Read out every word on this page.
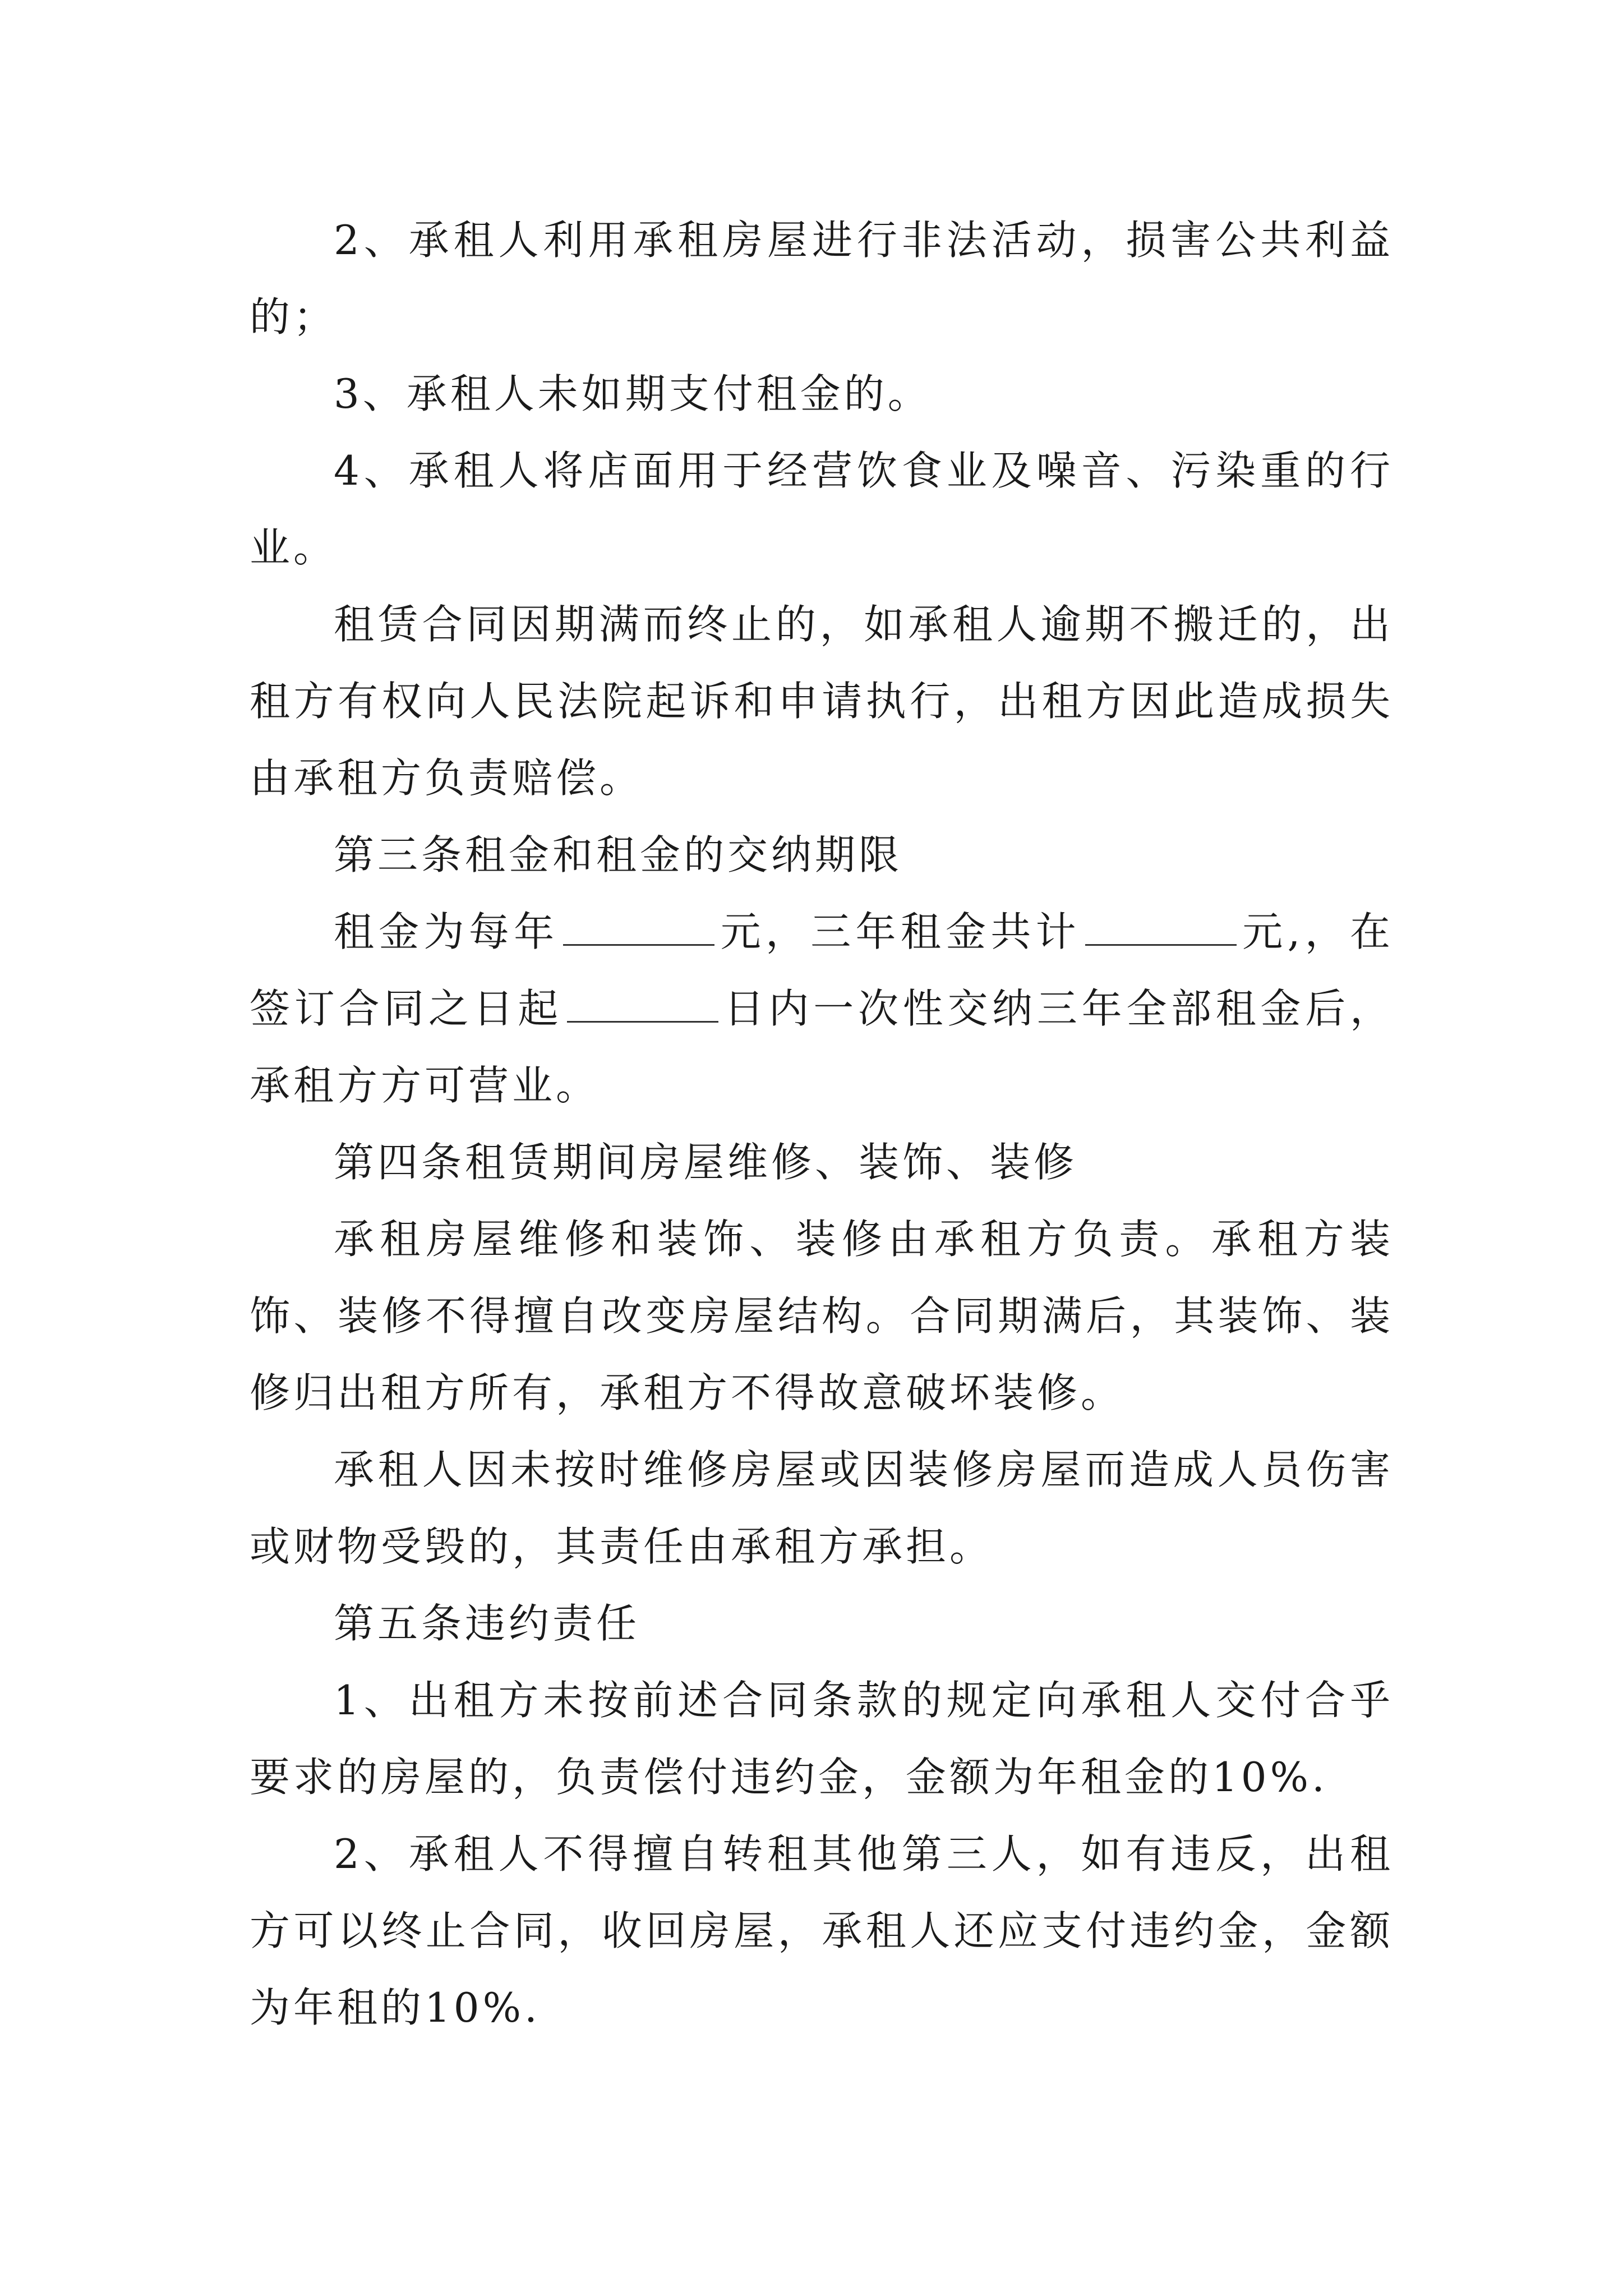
2、承租人利用承租房屋进行非法活动，损害公共利益的；

3、承租人未如期支付租金的。

4、承租人将店面用于经营饮食业及噪音、污染重的行业。

租赁合同因期满而终止的，如承租人逾期不搬迁的，出租方有权向人民法院起诉和申请执行，出租方因此造成损失由承租方负责赔偿。

第三条租金和租金的交纳期限

租金为每年	元，三年租金共计	元,，在签订合同之日起	日内一次性交纳三年全部租金后，承租方方可营业。

第四条租赁期间房屋维修、装饰、装修

承租房屋维修和装饰、装修由承租方负责。承租方装饰、装修不得擅自改变房屋结构。合同期满后，其装饰、装修归出租方所有，承租方不得故意破坏装修。

承租人因未按时维修房屋或因装修房屋而造成人员伤害或财物受毁的，其责任由承租方承担。

第五条违约责任

1、出租方未按前述合同条款的规定向承租人交付合乎要求的房屋的，负责偿付违约金，金额为年租金的10%.

2、承租人不得擅自转租其他第三人，如有违反，出租方可以终止合同，收回房屋，承租人还应支付违约金，金额为年租的10%.
